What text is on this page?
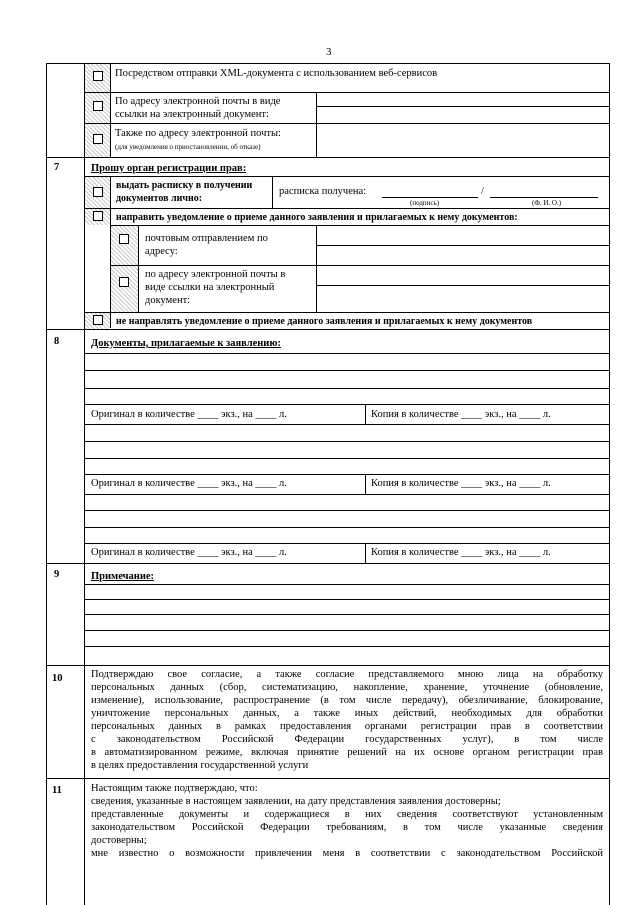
3
Посредством отправки XML-документа с использованием веб-сервисов
По адресу электронной почты в виде
ссылки на электронный документ:
Также по адресу электронной почты:
(для уведомления о приостановлении, об отказе)
7	Прошу орган регистрации прав:
выдать расписку в получении
документов лично:
расписка получена:	/
(подпись)	(Ф. И. О.)
направить уведомление о приеме данного заявления и прилагаемых к нему документов:
почтовым отправлением по
адресу:
по адресу электронной почты в
виде ссылки на электронный
документ:
не направлять уведомление о приеме данного заявления и прилагаемых к нему документов
8	Документы, прилагаемые к заявлению:
Оригинал в количестве ____ экз., на ____ л.	Копия в количестве ____ экз., на ____ л.
Оригинал в количестве ____ экз., на ____ л.	Копия в количестве ____ экз., на ____ л.
Оригинал в количестве ____ экз., на ____ л.	Копия в количестве ____ экз., на ____ л.
9	Примечание:
10	Подтверждаю свое согласие, а также согласие представляемого мною лица на обработку
персональных данных (сбор, систематизацию, накопление, хранение, уточнение (обновление,
изменение), использование, распространение (в том числе передачу), обезличивание, блокирование,
уничтожение персональных данных, а также иных действий, необходимых для обработки
персональных данных в рамках предоставления органами регистрации прав в соответствии
с законодательством Российской Федерации государственных услуг), в том числе
в автоматизированном режиме, включая принятие решений на их основе органом регистрации прав
в целях предоставления государственной услуги
11	Настоящим также подтверждаю, что:
сведения, указанные в настоящем заявлении, на дату представления заявления достоверны;
представленные документы и содержащиеся в них сведения соответствуют установленным
законодательством Российской Федерации требованиям, в том числе указанные сведения
достоверны;
мне известно о возможности привлечения меня в соответствии с законодательством Российской
